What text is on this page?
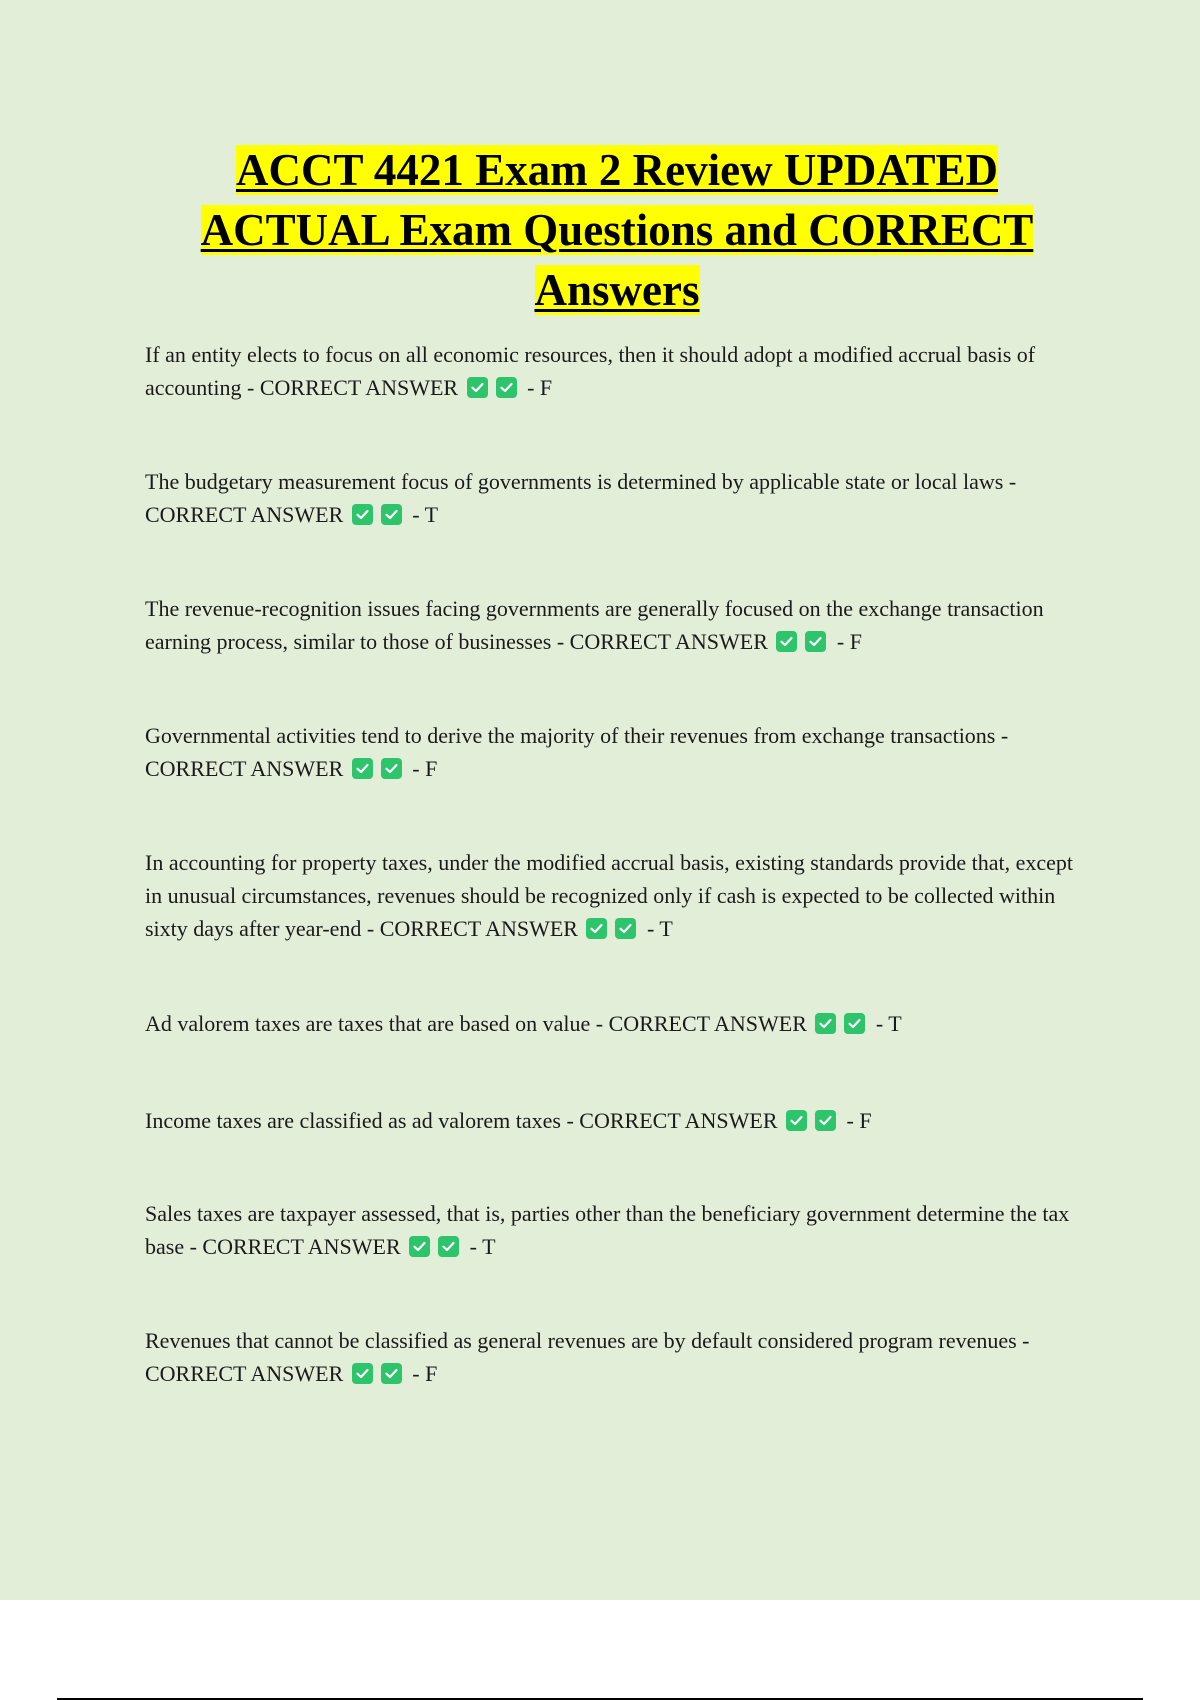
ACCT 4421 Exam 2 Review UPDATED
ACTUAL Exam Questions and CORRECT
Answers
If an entity elects to focus on all economic resources, then it should adopt a modified accrual basis of accounting - CORRECT ANSWER	- F
The budgetary measurement focus of governments is determined by applicable state or local laws - CORRECT ANSWER	- T
The revenue-recognition issues facing governments are generally focused on the exchange transaction earning process, similar to those of businesses - CORRECT ANSWER	- F
Governmental activities tend to derive the majority of their revenues from exchange transactions - CORRECT ANSWER	- F
In accounting for property taxes, under the modified accrual basis, existing standards provide that, except in unusual circumstances, revenues should be recognized only if cash is expected to be collected within sixty days after year-end - CORRECT ANSWER	- T
Ad valorem taxes are taxes that are based on value - CORRECT ANSWER	- T
Income taxes are classified as ad valorem taxes - CORRECT ANSWER	- F
Sales taxes are taxpayer assessed, that is, parties other than the beneficiary government determine the tax base - CORRECT ANSWER	- T
Revenues that cannot be classified as general revenues are by default considered program revenues - CORRECT ANSWER	- F
